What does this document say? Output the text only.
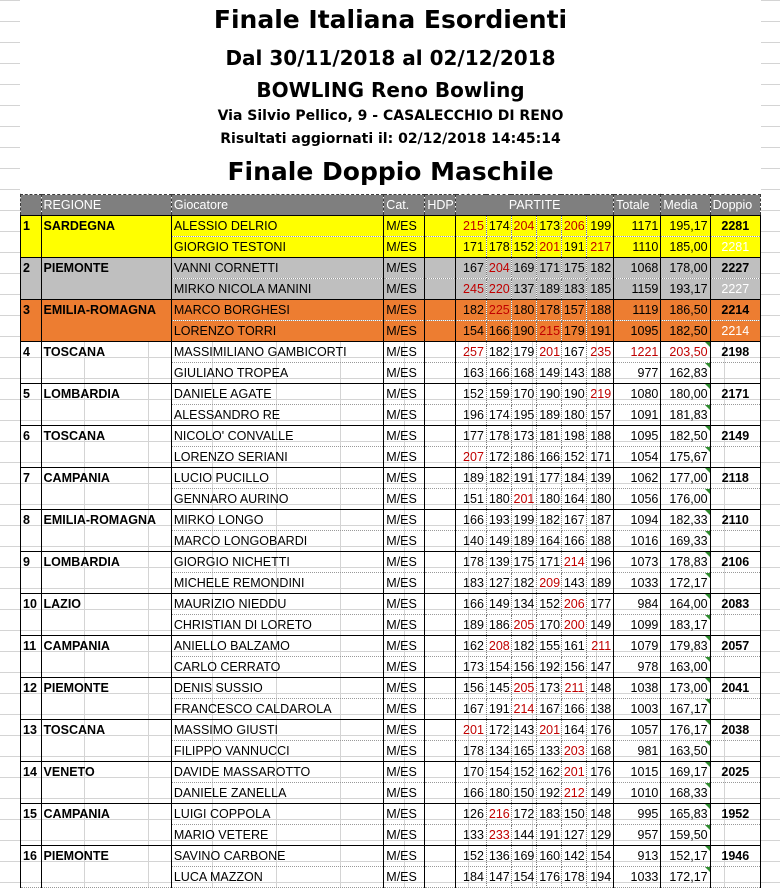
Finale Italiana Esordienti
Dal 30/11/2018 al 02/12/2018
BOWLING Reno Bowling
Via Silvio Pellico, 9 - CASALECCHIO DI RENO
Risultati aggiornati il: 02/12/2018 14:45:14
Finale Doppio Maschile
	REGIONE	Giocatore	Cat.	HDP	PARTITE						Totale	Media	Doppio
1	SARDEGNA	ALESSIO DELRIO	M/ES		215	174	204	173	206	199	1171	195,17	2281
		GIORGIO TESTONI	M/ES		171	178	152	201	191	217	1110	185,00	2281
2	PIEMONTE	VANNI CORNETTI	M/ES		167	204	169	171	175	182	1068	178,00	2227
		MIRKO NICOLA MANINI	M/ES		245	220	137	189	183	185	1159	193,17	2227
3	EMILIA-ROMAGNA	MARCO BORGHESI	M/ES		182	225	180	178	157	188	1119	186,50	2214
		LORENZO TORRI	M/ES		154	166	190	215	179	191	1095	182,50	2214
4	TOSCANA	MASSIMILIANO GAMBICORTI	M/ES		257	182	179	201	167	235	1221	203,50	2198
		GIULIANO TROPEA	M/ES		163	166	168	149	143	188	977	162,83	
5	LOMBARDIA	DANIELE AGATE	M/ES		152	159	170	190	190	219	1080	180,00	2171
		ALESSANDRO RE	M/ES		196	174	195	189	180	157	1091	181,83	
6	TOSCANA	NICOLO' CONVALLE	M/ES		177	178	173	181	198	188	1095	182,50	2149
		LORENZO SERIANI	M/ES		207	172	186	166	152	171	1054	175,67	
7	CAMPANIA	LUCIO PUCILLO	M/ES		189	182	191	177	184	139	1062	177,00	2118
		GENNARO AURINO	M/ES		151	180	201	180	164	180	1056	176,00	
8	EMILIA-ROMAGNA	MIRKO LONGO	M/ES		166	193	199	182	167	187	1094	182,33	2110
		MARCO LONGOBARDI	M/ES		140	149	189	164	166	188	1016	169,33	
9	LOMBARDIA	GIORGIO NICHETTI	M/ES		178	139	175	171	214	196	1073	178,83	2106
		MICHELE REMONDINI	M/ES		183	127	182	209	143	189	1033	172,17	
10	LAZIO	MAURIZIO NIEDDU	M/ES		166	149	134	152	206	177	984	164,00	2083
		CHRISTIAN DI LORETO	M/ES		189	186	205	170	200	149	1099	183,17	
11	CAMPANIA	ANIELLO BALZAMO	M/ES		162	208	182	155	161	211	1079	179,83	2057
		CARLO CERRATO	M/ES		173	154	156	192	156	147	978	163,00	
12	PIEMONTE	DENIS SUSSIO	M/ES		156	145	205	173	211	148	1038	173,00	2041
		FRANCESCO CALDAROLA	M/ES		167	191	214	167	166	138	1003	167,17	
13	TOSCANA	MASSIMO GIUSTI	M/ES		201	172	143	201	164	176	1057	176,17	2038
		FILIPPO VANNUCCI	M/ES		178	134	165	133	203	168	981	163,50	
14	VENETO	DAVIDE MASSAROTTO	M/ES		170	154	152	162	201	176	1015	169,17	2025
		DANIELE ZANELLA	M/ES		166	180	150	192	212	149	1010	168,33	
15	CAMPANIA	LUIGI COPPOLA	M/ES		126	216	172	183	150	148	995	165,83	1952
		MARIO VETERE	M/ES		133	233	144	191	127	129	957	159,50	
16	PIEMONTE	SAVINO CARBONE	M/ES		152	136	169	160	142	154	913	152,17	1946
		LUCA MAZZON	M/ES		184	147	154	176	178	194	1033	172,17	
